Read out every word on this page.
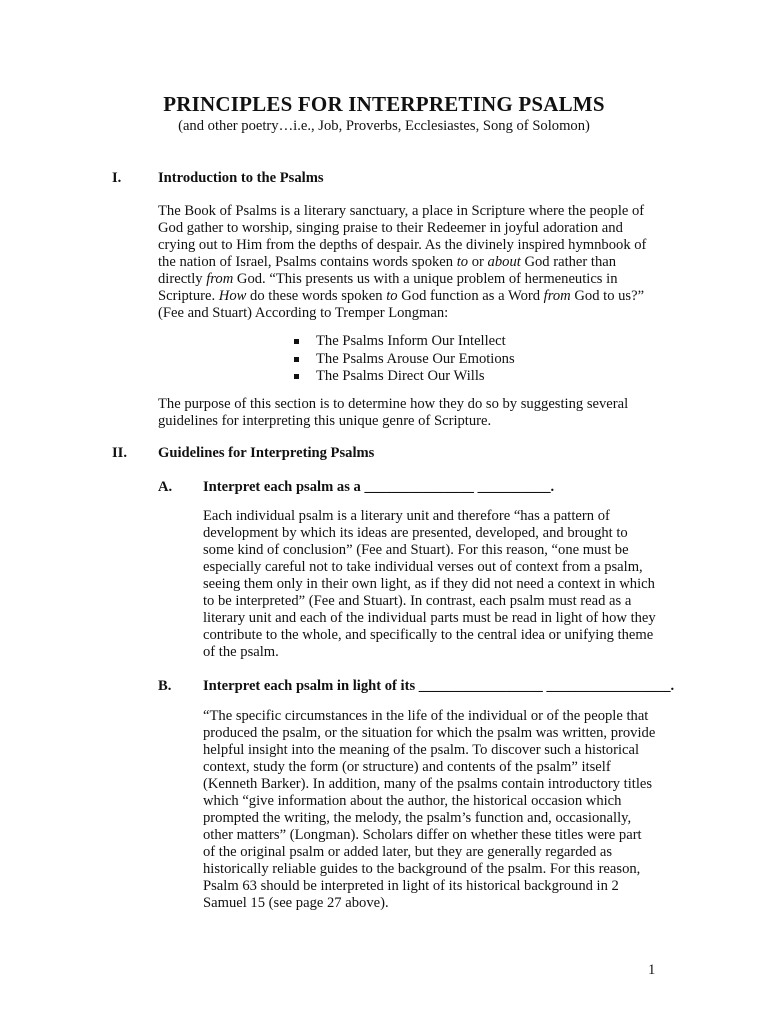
PRINCIPLES FOR INTERPRETING PSALMS

(and other poetry…i.e., Job, Proverbs, Ecclesiastes, Song of Solomon)

I.	Introduction to the Psalms

The Book of Psalms is a literary sanctuary, a place in Scripture where the people of God gather to worship, singing praise to their Redeemer in joyful adoration and crying out to Him from the depths of despair. As the divinely inspired hymnbook of the nation of Israel, Psalms contains words spoken to or about God rather than directly from God. “This presents us with a unique problem of hermeneutics in Scripture. How do these words spoken to God function as a Word from God to us?” (Fee and Stuart) According to Tremper Longman:

The Psalms Inform Our Intellect
The Psalms Arouse Our Emotions
The Psalms Direct Our Wills

The purpose of this section is to determine how they do so by suggesting several guidelines for interpreting this unique genre of Scripture.

II. Guidelines for Interpreting Psalms
A. Interpret each psalm as a _______________ __________.

Each individual psalm is a literary unit and therefore “has a pattern of development by which its ideas are presented, developed, and brought to some kind of conclusion” (Fee and Stuart). For this reason, “one must be especially careful not to take individual verses out of context from a psalm, seeing them only in their own light, as if they did not need a context in which to be interpreted” (Fee and Stuart). In contrast, each psalm must read as a literary unit and each of the individual parts must be read in light of how they contribute to the whole, and specifically to the central idea or unifying theme of the psalm.

B. Interpret each psalm in light of its _________________ _________________.

“The specific circumstances in the life of the individual or of the people that produced the psalm, or the situation for which the psalm was written, provide helpful insight into the meaning of the psalm. To discover such a historical context, study the form (or structure) and contents of the psalm” itself (Kenneth Barker). In addition, many of the psalms contain introductory titles which “give information about the author, the historical occasion which prompted the writing, the melody, the psalm’s function and, occasionally, other matters” (Longman). Scholars differ on whether these titles were part of the original psalm or added later, but they are generally regarded as historically reliable guides to the background of the psalm. For this reason, Psalm 63 should be interpreted in light of its historical background in 2 Samuel 15 (see page 27 above).

1
